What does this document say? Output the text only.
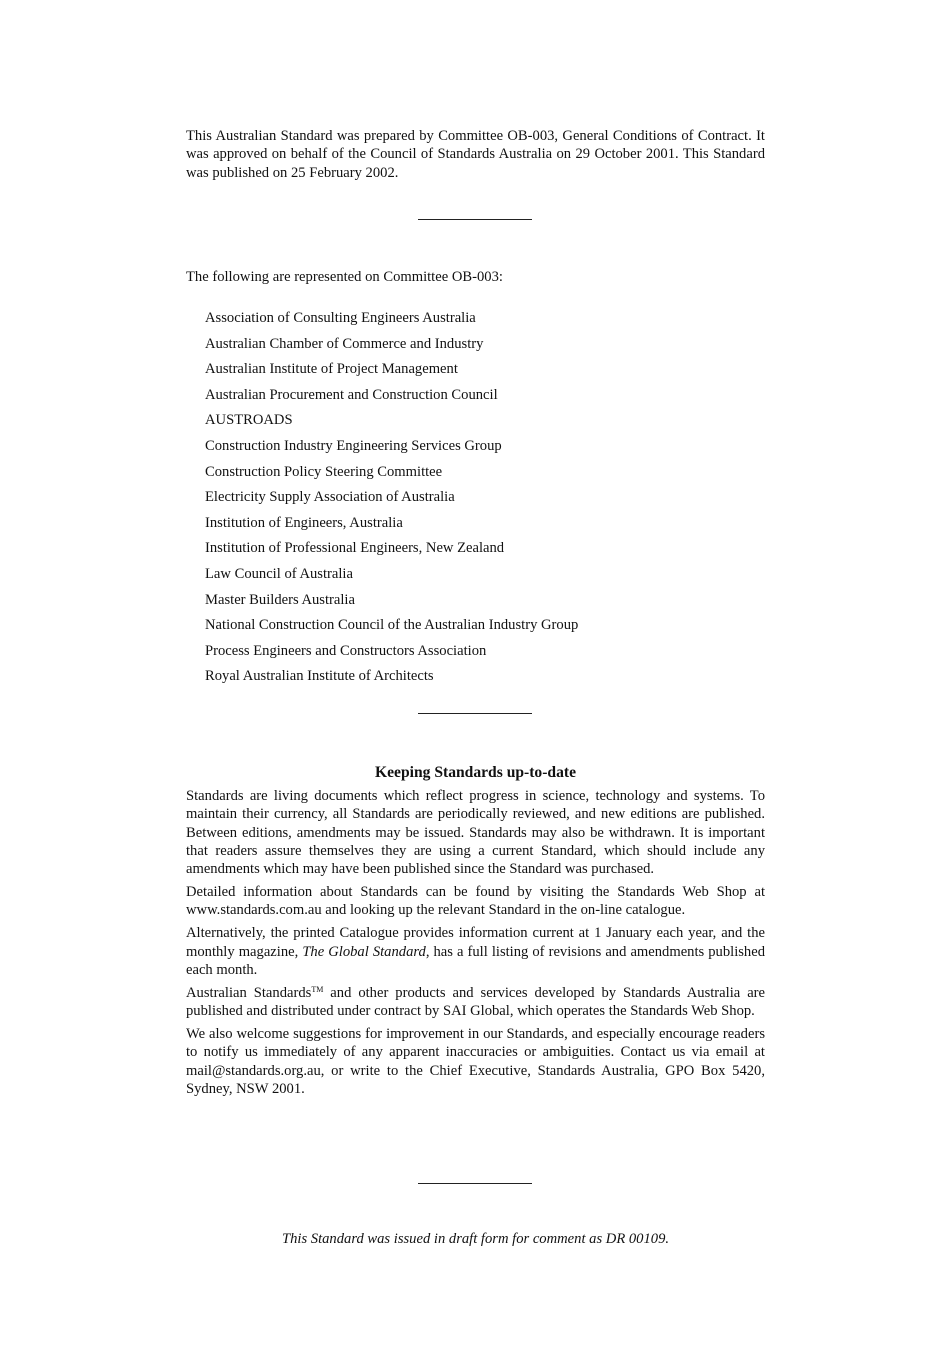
This Australian Standard was prepared by Committee OB-003, General Conditions of Contract. It was approved on behalf of the Council of Standards Australia on 29 October 2001. This Standard was published on 25 February 2002.

The following are represented on Committee OB-003:

Association of Consulting Engineers Australia
Australian Chamber of Commerce and Industry
Australian Institute of Project Management
Australian Procurement and Construction Council
AUSTROADS
Construction Industry Engineering Services Group
Construction Policy Steering Committee
Electricity Supply Association of Australia
Institution of Engineers, Australia
Institution of Professional Engineers, New Zealand
Law Council of Australia
Master Builders Australia
National Construction Council of the Australian Industry Group
Process Engineers and Constructors Association
Royal Australian Institute of Architects
Keeping Standards up-to-date

Standards are living documents which reflect progress in science, technology and systems. To maintain their currency, all Standards are periodically reviewed, and new editions are published. Between editions, amendments may be issued. Standards may also be withdrawn. It is important that readers assure themselves they are using a current Standard, which should include any amendments which may have been published since the Standard was purchased.

Detailed information about Standards can be found by visiting the Standards Web Shop at www.standards.com.au and looking up the relevant Standard in the on-line catalogue.

Alternatively, the printed Catalogue provides information current at 1 January each year, and the monthly magazine, The Global Standard, has a full listing of revisions and amendments published each month.

Australian Standards™ and other products and services developed by Standards Australia are published and distributed under contract by SAI Global, which operates the Standards Web Shop.

We also welcome suggestions for improvement in our Standards, and especially encourage readers to notify us immediately of any apparent inaccuracies or ambiguities. Contact us via email at mail@standards.org.au, or write to the Chief Executive, Standards Australia, GPO Box 5420, Sydney, NSW 2001.

This Standard was issued in draft form for comment as DR 00109.
